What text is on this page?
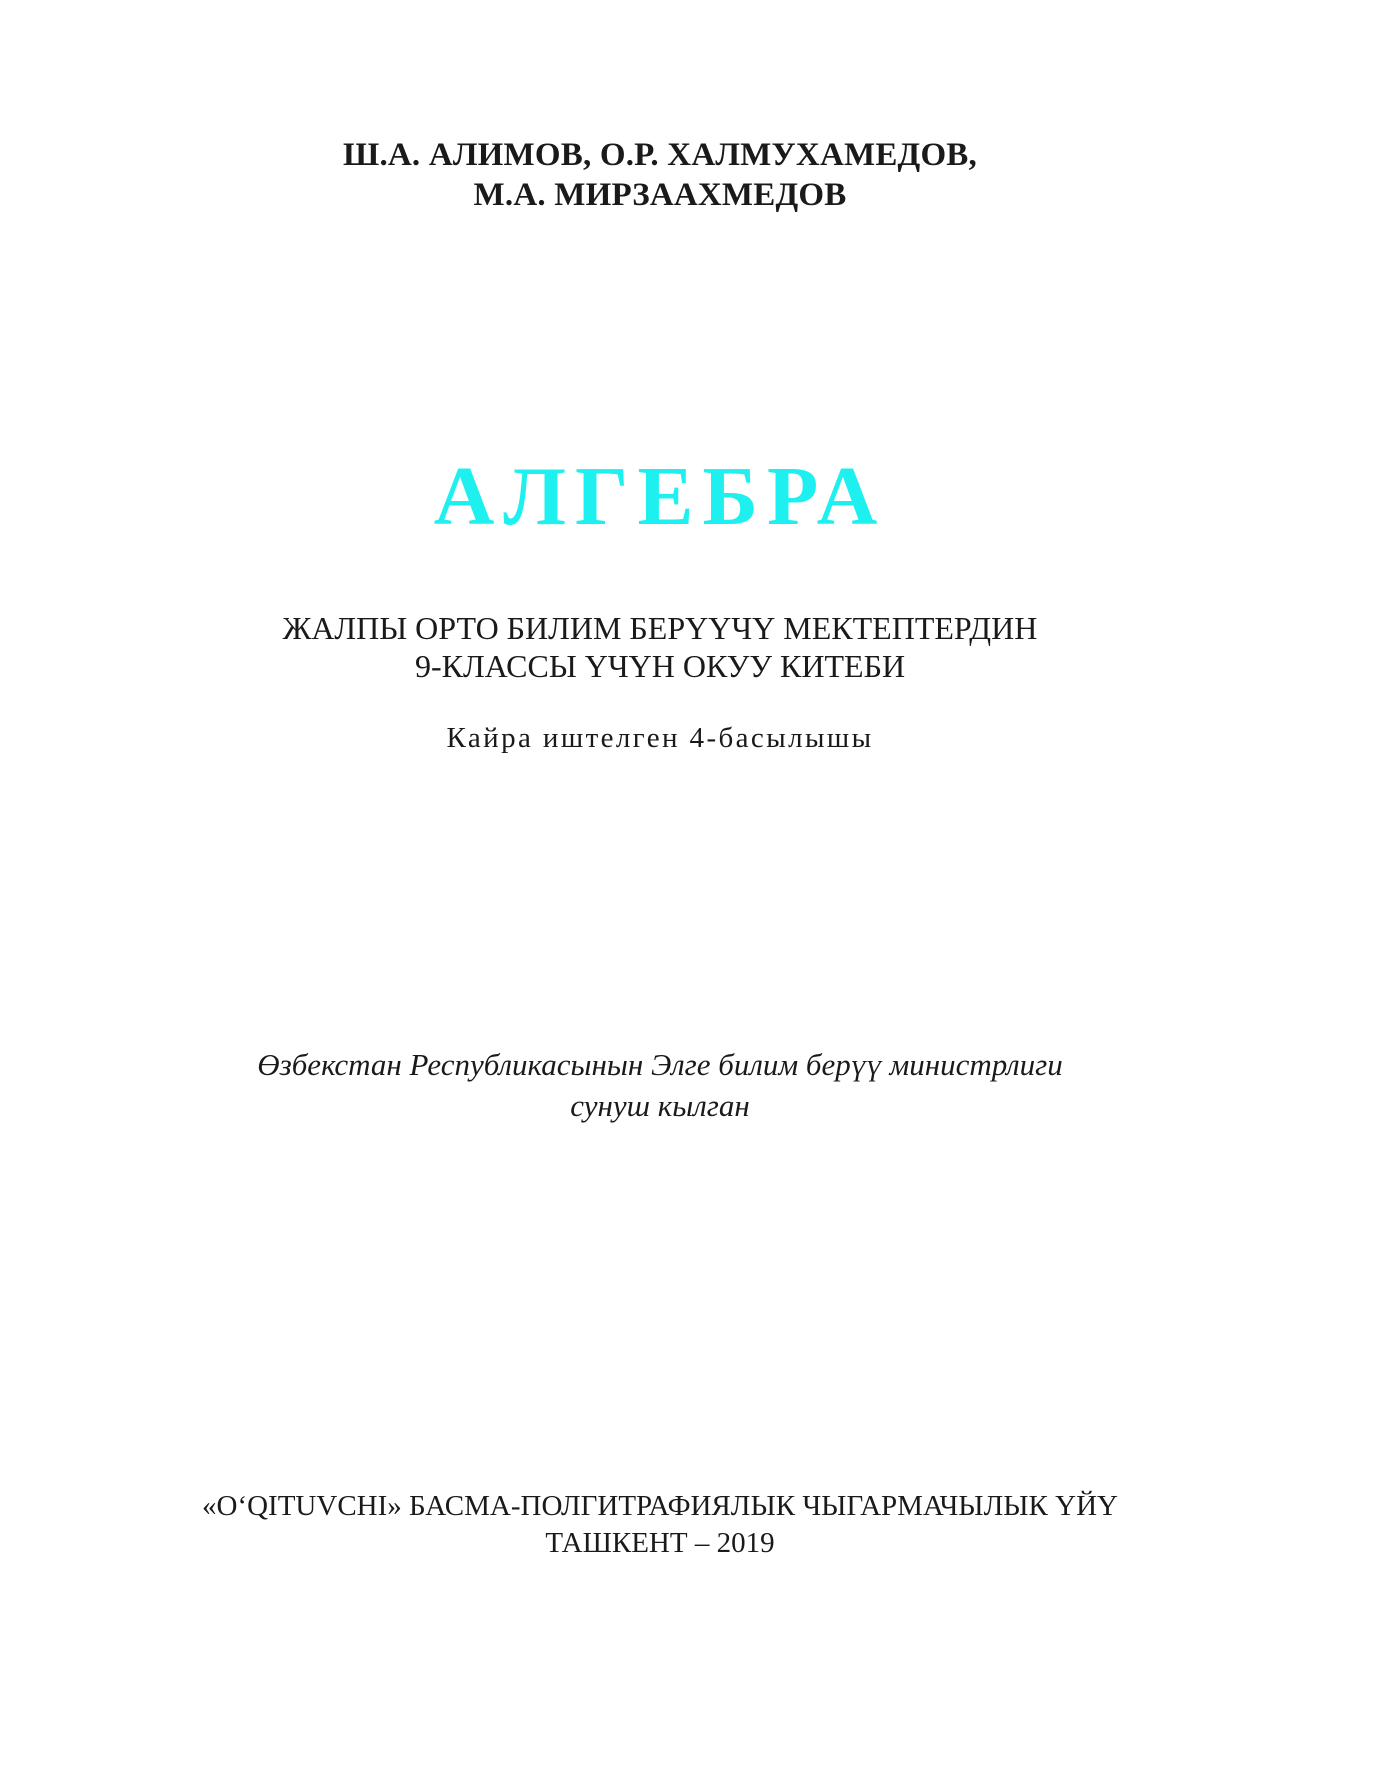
Ш.А. АЛИМОВ, О.Р. ХАЛМУХАМЕДОВ,
М.А. МИРЗААХМЕДОВ
АЛГЕБРА
ЖАЛПЫ ОРТО БИЛИМ БЕРҮҮЧҮ МЕКТЕПТЕРДИН
9-КЛАССЫ ҮЧҮН ОКУУ КИТЕБИ
Кайра иштелген 4-басылышы
Өзбекстан Республикасынын Элге билим берүү министрлиги
сунуш кылган
«O‘QITUVCHI» БАСМА-ПОЛГИТРАФИЯЛЫК ЧЫГАРМАЧЫЛЫК ҮЙҮ
ТАШКЕНТ – 2019
